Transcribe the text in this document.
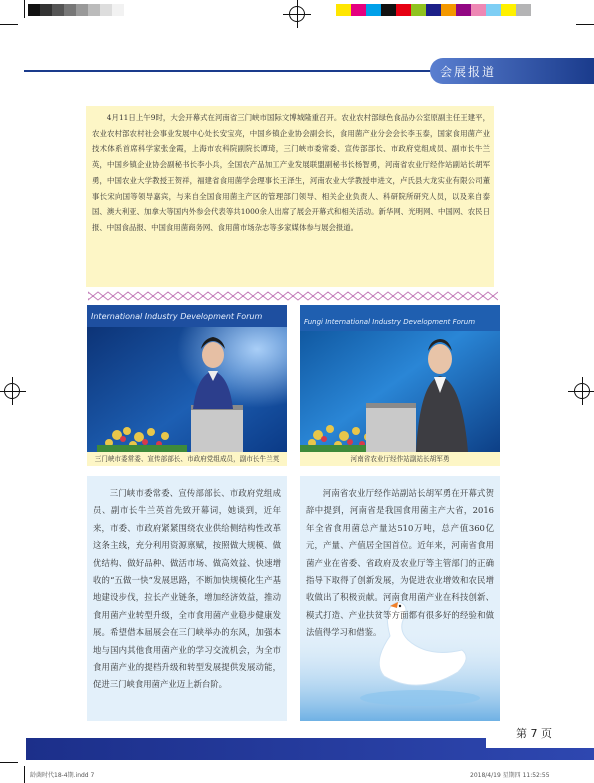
会展报道
4月11日上午9时，大会开幕式在河南省三门峡市国际文博城隆重召开。农业农村部绿色食品办公室原副主任王建平，农业农村部农村社会事业发展中心处长安宝亮，中国乡镇企业协会副会长，食用菌产业分会会长李玉泰，国家食用菌产业技术体系首席科学家张金霞，上海市农科院副院长谭琦，三门峡市委常委、宣传部部长、市政府党组成员、副市长牛兰英，中国乡镇企业协会副秘书长李小兵，全国农产品加工产业发展联盟副秘书长杨智勇，河南省农业厅经作站副站长胡军勇，中国农业大学教授王贺祥，福建省食用菌学会理事长王泽生，河南农业大学教授申进文，卢氏县大龙实业有限公司董事长宋向国等领导嘉宾，与来自全国食用菌主产区的管理部门领导、相关企业负责人、科研院所研究人员，以及来自泰国、澳大利亚、加拿大等国内外参会代表等共1000余人出席了展会开幕式和相关活动。新华网、光明网、中国网、农民日报、中国食品报、中国食用菌商务网、食用菌市场杂志等多家媒体参与展会报道。
International Industry Development Forum
Fungi International Industry Development Forum
三门峡市委常委、宣传部部长、市政府党组成员，副市长牛兰英	河南省农业厅经作站副站长胡军勇
三门峡市委常委、宣传部部长、市政府党组成员、副市长牛兰英首先致开幕词，她谈到，近年来，市委、市政府紧紧围绕农业供给侧结构性改革这条主线，充分利用资源禀赋，按照做大规模、做优结构、做好品种、做活市场、做高效益、快速增收的“五做一快”发展思路，不断加快规模化生产基地建设步伐，拉长产业链条，增加经济效益，推动食用菌产业转型升级，全市食用菌产业稳步健康发展。希望借本届展会在三门峡举办的东风，加强本地与国内其他食用菌产业的学习交流机会，为全市食用菌产业的提档升级和转型发展提供发展动能，促进三门峡食用菌产业迈上新台阶。
河南省农业厅经作站副站长胡军勇在开幕式贺辞中提到，河南省是我国食用菌主产大省，2016年全省食用菌总产量达510万吨，总产值360亿元，产量、产值居全国首位。近年来，河南省食用菌产业在省委、省政府及农业厅等主管部门的正确指导下取得了创新发展，为促进农业增效和农民增收做出了积极贡献。河南食用菌产业在科技创新、模式打造、产业扶贫等方面都有很多好的经验和做法值得学习和借鉴。
第 7 页
龄菌时代18-4期.indd 7	2018/4/19 星期四 11:52:55
